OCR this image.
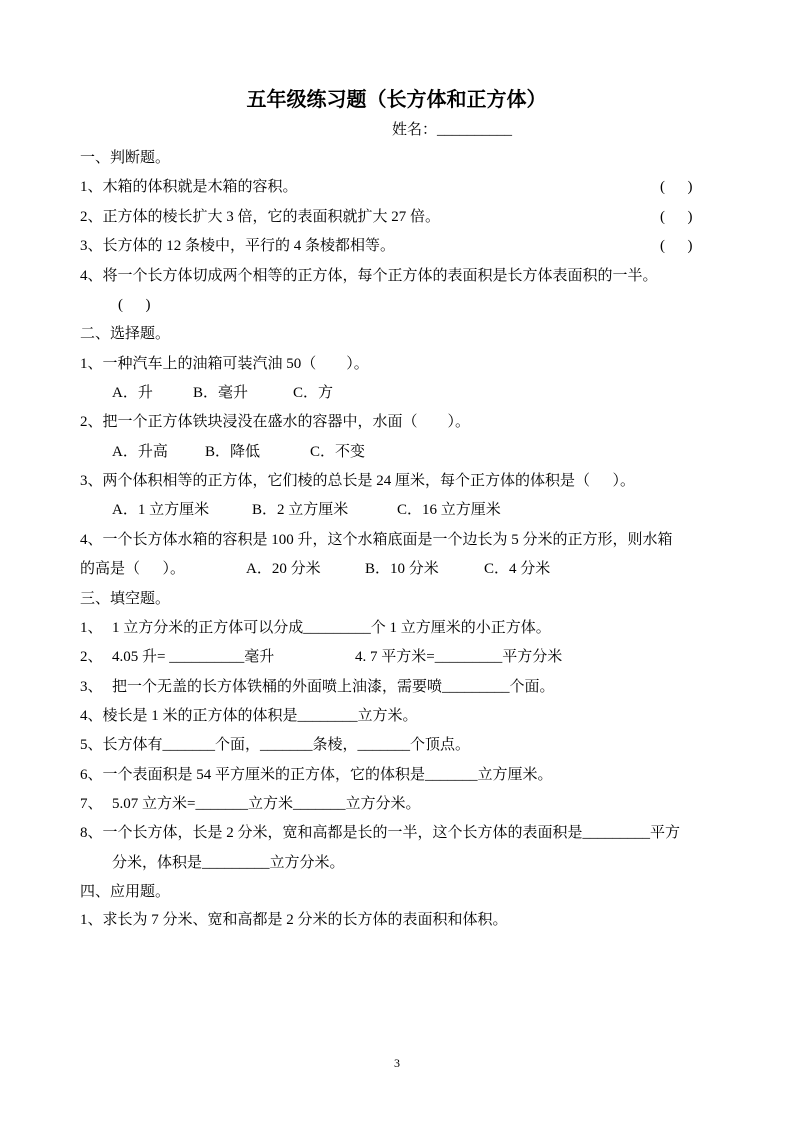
五年级练习题（长方体和正方体）
姓名：__________
一、判断题。
1、木箱的体积就是木箱的容积。	(      )
2、正方体的棱长扩大 3 倍，它的表面积就扩大 27 倍。	(      )
3、长方体的 12 条棱中，平行的 4 条棱都相等。	(      )
4、将一个长方体切成两个相等的正方体，每个正方体的表面积是长方体表面积的一半。
(      )
二、选择题。
1、一种汽车上的油箱可装汽油 50（        ）。
A．升	B．毫升	C．方
2、把一个正方体铁块浸没在盛水的容器中，水面（        ）。
A．升高 B．降低	C．不变
3、两个体积相等的正方体，它们棱的总长是 24 厘米，每个正方体的体积是（      ）。
A．1 立方厘米	B．2 立方厘米	C．16 立方厘米
4、一个长方体水箱的容积是 100 升，这个水箱底面是一个边长为 5 分米的正方形，则水箱
的高是（      ）。	A．20 分米	B．10 分米	C．4 分米
三、填空题。
1、 1 立方分米的正方体可以分成_________个 1 立方厘米的小正方体。
2、 4.05 升= __________毫升	4. 7 平方米=_________平方分米
3、 把一个无盖的长方体铁桶的外面喷上油漆，需要喷_________个面。
4、棱长是 1 米的正方体的体积是________立方米。
5、长方体有_______个面，_______条棱，_______个顶点。
6、一个表面积是 54 平方厘米的正方体，它的体积是_______立方厘米。
7、 5.07 立方米=_______立方米_______立方分米。
8、一个长方体，长是 2 分米，宽和高都是长的一半，这个长方体的表面积是_________平方
分米，体积是_________立方分米。
四、应用题。
1、求长为 7 分米、宽和高都是 2 分米的长方体的表面积和体积。
3
